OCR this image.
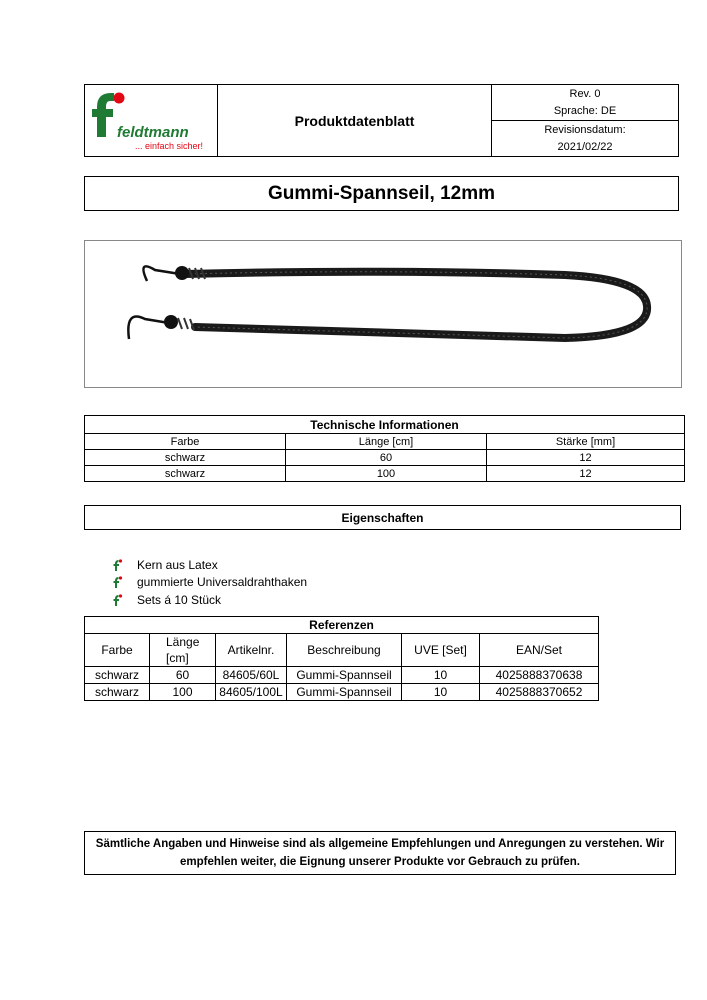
feldtmann
... einfach sicher!
Produktdatenblatt
Rev. 0
Sprache: DE
Revisionsdatum:
2021/02/22
Gummi-Spannseil, 12mm
Technische Informationen		
Farbe	Länge [cm]	Stärke [mm]
schwarz	60	12
schwarz	100	12
Eigenschaften
Kern aus Latex
gummierte Universaldrahthaken
Sets á 10 Stück
Referenzen					
Farbe	Länge [cm]	Artikelnr.	Beschreibung	UVE [Set]	EAN/Set
schwarz	60	84605/60L	Gummi-Spannseil	10	4025888370638
schwarz	100	84605/100L	Gummi-Spannseil	10	4025888370652
Sämtliche Angaben und Hinweise sind als allgemeine Empfehlungen und Anregungen zu verstehen. Wir empfehlen weiter, die Eignung unserer Produkte vor Gebrauch zu prüfen.
